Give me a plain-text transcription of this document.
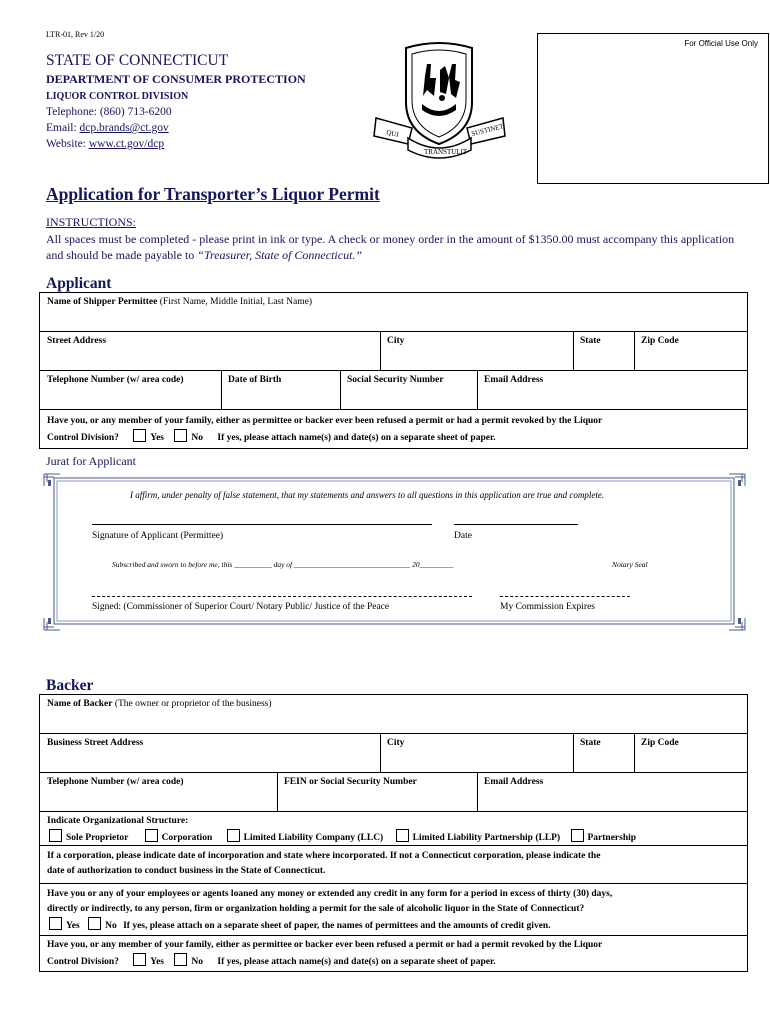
LTR-01, Rev 1/20
For Official Use Only
STATE OF CONNECTICUT
DEPARTMENT OF CONSUMER PROTECTION
LIQUOR CONTROL DIVISION
Telephone: (860) 713-6200
Email: dcp.brands@ct.gov
Website: www.ct.gov/dcp
QUI
TRANSTULIT
SUSTINET
Application for Transporter’s Liquor Permit
INSTRUCTIONS:
All spaces must be completed - please print in ink or type. A check or money order in the amount of $1350.00 must accompany this application and should be made payable to “Treasurer, State of Connecticut.”
Applicant
Name of Shipper Permittee (First Name, Middle Initial, Last Name)
Street Address	City	State	Zip Code
Telephone Number (w/ area code)	Date of Birth	Social Security Number	Email Address
Have you, or any member of your family, either as permittee or backer ever been refused a permit or had a permit revoked by the Liquor
Control Division?	Yes	No If yes, please attach name(s) and date(s) on a separate sheet of paper.
Jurat for Applicant
I affirm, under penalty of false statement, that my statements and answers to all questions in this application are true and complete.
Signature of Applicant (Permittee)	Date
Subscribed and sworn to before me, this __________ day of _______________________________ 20_________	Notary Seal
Signed: (Commissioner of Superior Court/ Notary Public/ Justice of the Peace	My Commission Expires
Backer
Name of Backer (The owner or proprietor of the business)
Business Street Address	City	State	Zip Code
Telephone Number (w/ area code)	FEIN or Social Security Number	Email Address
Indicate Organizational Structure:
Sole Proprietor	Corporation	Limited Liability Company (LLC)	Limited Liability Partnership (LLP)	Partnership
If a corporation, please indicate date of incorporation and state where incorporated. If not a Connecticut corporation, please indicate the
date of authorization to conduct business in the State of Connecticut.
Have you or any of your employees or agents loaned any money or extended any credit in any form for a period in excess of thirty (30) days,
directly or indirectly, to any person, firm or organization holding a permit for the sale of alcoholic liquor in the State of Connecticut?
Yes	No If yes, please attach on a separate sheet of paper, the names of permittees and the amounts of credit given.
Have you, or any member of your family, either as permittee or backer ever been refused a permit or had a permit revoked by the Liquor
Control Division?	Yes	No If yes, please attach name(s) and date(s) on a separate sheet of paper.
